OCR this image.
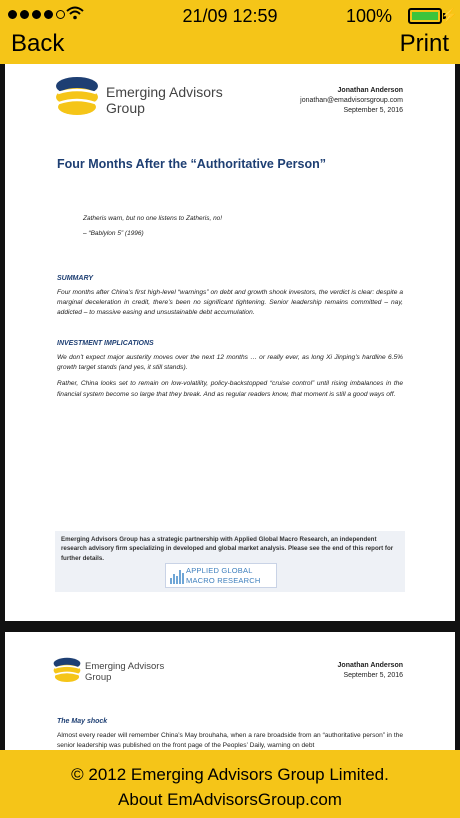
21/09 12:59	100%	⚡
Back	Print
Emerging Advisors
Group
Jonathan Anderson
jonathan@emadvisorsgroup.com
September 5, 2016
Four Months After the “Authoritative Person”
Zatheris warn, but no one listens to Zatheris, no!
– “Bablylon 5” (1996)
SUMMARY

Four months after China’s first high-level “warnings” on debt and growth shook investors, the verdict is clear: despite a marginal deceleration in credit, there’s been no significant tightening. Senior leadership remains committed – nay, addicted – to massive easing and unsustainable debt accumulation.

INVESTMENT IMPLICATIONS

We don’t expect major austerity moves over the next 12 months … or really ever, as long Xi Jinping’s hardline 6.5% growth target stands (and yes, it still stands).

Rather, China looks set to remain on low-volatility, policy-backstopped “cruise control” until rising imbalances in the financial system become so large that they break. And as regular readers know, that moment is still a good ways off.

Emerging Advisors Group has a strategic partnership with Applied Global Macro Research, an independent research advisory firm specializing in developed and global market analysis. Please see the end of this report for further details.
APPLIED GLOBAL
MACRO RESEARCH
Emerging Advisors
Group
Jonathan Anderson
September 5, 2016
The May shock

Almost every reader will remember China’s May brouhaha, when a rare broadside from an “authoritative person” in the senior leadership was published on the front page of the Peoples’ Daily, warning on debt

© 2012 Emerging Advisors Group Limited.
About EmAdvisorsGroup.com
